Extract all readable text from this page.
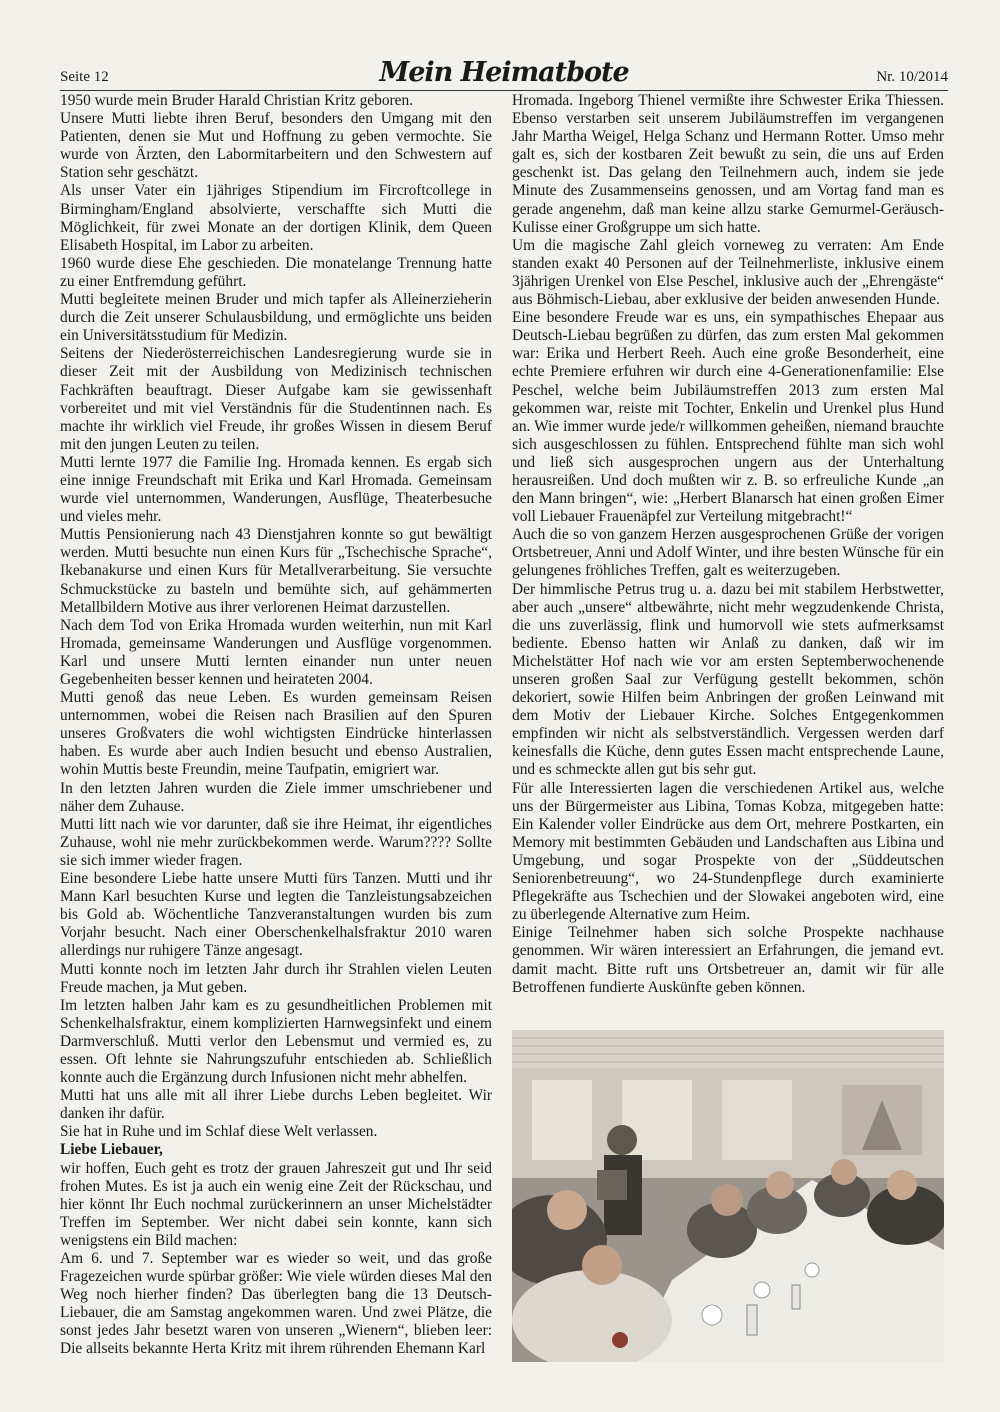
Seite 12	Mein Heimatbote	Nr. 10/2014

1950 wurde mein Bruder Harald Christian Kritz geboren.

Unsere Mutti liebte ihren Beruf, besonders den Umgang mit den Patienten, denen sie Mut und Hoffnung zu geben vermochte. Sie wurde von Ärzten, den Labormitarbeitern und den Schwestern auf Station sehr geschätzt.

Als unser Vater ein 1jähriges Stipendium im Fircroftcollege in Birmingham/England absolvierte, verschaffte sich Mutti die Möglichkeit, für zwei Monate an der dortigen Klinik, dem Queen Elisabeth Hospital, im Labor zu arbeiten.

1960 wurde diese Ehe geschieden. Die monatelange Trennung hatte zu einer Entfremdung geführt.

Mutti begleitete meinen Bruder und mich tapfer als Alleinerzieherin durch die Zeit unserer Schulausbildung, und ermöglichte uns beiden ein Universitätsstudium für Medizin.

Seitens der Niederösterreichischen Landesregierung wurde sie in dieser Zeit mit der Ausbildung von Medizinisch technischen Fachkräften beauftragt. Dieser Aufgabe kam sie gewissenhaft vorbereitet und mit viel Verständnis für die Studentinnen nach. Es machte ihr wirklich viel Freude, ihr großes Wissen in diesem Beruf mit den jungen Leuten zu teilen.

Mutti lernte 1977 die Familie Ing. Hromada kennen. Es ergab sich eine innige Freundschaft mit Erika und Karl Hromada. Gemeinsam wurde viel unternommen, Wanderungen, Ausflüge, Theaterbesuche und vieles mehr.

Muttis Pensionierung nach 43 Dienstjahren konnte so gut bewältigt werden. Mutti besuchte nun einen Kurs für „Tschechische Sprache“, Ikebanakurse und einen Kurs für Metallverarbeitung. Sie versuchte Schmuckstücke zu basteln und bemühte sich, auf gehämmerten Metallbildern Motive aus ihrer verlorenen Heimat darzustellen.

Nach dem Tod von Erika Hromada wurden weiterhin, nun mit Karl Hromada, gemeinsame Wanderungen und Ausflüge vorgenommen. Karl und unsere Mutti lernten einander nun unter neuen Gegebenheiten besser kennen und heirateten 2004.

Mutti genoß das neue Leben. Es wurden gemeinsam Reisen unternommen, wobei die Reisen nach Brasilien auf den Spuren unseres Großvaters die wohl wichtigsten Eindrücke hinterlassen haben. Es wurde aber auch Indien besucht und ebenso Australien, wohin Muttis beste Freundin, meine Taufpatin, emigriert war.

In den letzten Jahren wurden die Ziele immer umschriebener und näher dem Zuhause.

Mutti litt nach wie vor darunter, daß sie ihre Heimat, ihr eigentliches Zuhause, wohl nie mehr zurückbekommen werde. Warum???? Sollte sie sich immer wieder fragen.

Eine besondere Liebe hatte unsere Mutti fürs Tanzen. Mutti und ihr Mann Karl besuchten Kurse und legten die Tanzleistungsabzeichen bis Gold ab. Wöchentliche Tanzveranstaltungen wurden bis zum Vorjahr besucht. Nach einer Oberschenkelhalsfraktur 2010 waren allerdings nur ruhigere Tänze angesagt.

Mutti konnte noch im letzten Jahr durch ihr Strahlen vielen Leuten Freude machen, ja Mut geben.

Im letzten halben Jahr kam es zu gesundheitlichen Problemen mit Schenkelhalsfraktur, einem komplizierten Harnwegsinfekt und einem Darmverschluß. Mutti verlor den Lebensmut und vermied es, zu essen. Oft lehnte sie Nahrungszufuhr entschieden ab. Schließlich konnte auch die Ergänzung durch Infusionen nicht mehr abhelfen.

Mutti hat uns alle mit all ihrer Liebe durchs Leben begleitet. Wir danken ihr dafür.

Sie hat in Ruhe und im Schlaf diese Welt verlassen.

Liebe Liebauer,

wir hoffen, Euch geht es trotz der grauen Jahreszeit gut und Ihr seid frohen Mutes. Es ist ja auch ein wenig eine Zeit der Rückschau, und hier könnt Ihr Euch nochmal zurückerinnern an unser Michelstädter Treffen im September. Wer nicht dabei sein konnte, kann sich wenigstens ein Bild machen:

Am 6. und 7. September war es wieder so weit, und das große Fragezeichen wurde spürbar größer: Wie viele würden dieses Mal den Weg noch hierher finden? Das überlegten bang die 13 Deutsch-Liebauer, die am Samstag angekommen waren. Und zwei Plätze, die sonst jedes Jahr besetzt waren von unseren „Wienern“, blieben leer: Die allseits bekannte Herta Kritz mit ihrem rührenden Ehemann Karl

Hromada. Ingeborg Thienel vermißte ihre Schwester Erika Thiessen. Ebenso verstarben seit unserem Jubiläumstreffen im vergangenen Jahr Martha Weigel, Helga Schanz und Hermann Rotter. Umso mehr galt es, sich der kostbaren Zeit bewußt zu sein, die uns auf Erden geschenkt ist. Das gelang den Teilnehmern auch, indem sie jede Minute des Zusammenseins genossen, und am Vortag fand man es gerade angenehm, daß man keine allzu starke Gemurmel-Geräusch-Kulisse einer Großgruppe um sich hatte.

Um die magische Zahl gleich vorneweg zu verraten: Am Ende standen exakt 40 Personen auf der Teilnehmerliste, inklusive einem 3jährigen Urenkel von Else Peschel, inklusive auch der „Ehrengäste“ aus Böhmisch-Liebau, aber exklusive der beiden anwesenden Hunde.

Eine besondere Freude war es uns, ein sympathisches Ehepaar aus Deutsch-Liebau begrüßen zu dürfen, das zum ersten Mal gekommen war: Erika und Herbert Reeh. Auch eine große Besonderheit, eine echte Premiere erfuhren wir durch eine 4-Generationenfamilie: Else Peschel, welche beim Jubiläumstreffen 2013 zum ersten Mal gekommen war, reiste mit Tochter, Enkelin und Urenkel plus Hund an. Wie immer wurde jede/r willkommen geheißen, niemand brauchte sich ausgeschlossen zu fühlen. Entsprechend fühlte man sich wohl und ließ sich ausgesprochen ungern aus der Unterhaltung herausreißen. Und doch mußten wir z. B. so erfreuliche Kunde „an den Mann bringen“, wie: „Herbert Blanarsch hat einen großen Eimer voll Liebauer Frauenäpfel zur Verteilung mitgebracht!“

Auch die so von ganzem Herzen ausgesprochenen Grüße der vorigen Ortsbetreuer, Anni und Adolf Winter, und ihre besten Wünsche für ein gelungenes fröhliches Treffen, galt es weiterzugeben.

Der himmlische Petrus trug u. a. dazu bei mit stabilem Herbstwetter, aber auch „unsere“ altbewährte, nicht mehr wegzudenkende Christa, die uns zuverlässig, flink und humorvoll wie stets aufmerksamst bediente. Ebenso hatten wir Anlaß zu danken, daß wir im Michelstätter Hof nach wie vor am ersten Septemberwochenende unseren großen Saal zur Verfügung gestellt bekommen, schön dekoriert, sowie Hilfen beim Anbringen der großen Leinwand mit dem Motiv der Liebauer Kirche. Solches Entgegenkommen empfinden wir nicht als selbstverständlich. Vergessen werden darf keinesfalls die Küche, denn gutes Essen macht entsprechende Laune, und es schmeckte allen gut bis sehr gut.

Für alle Interessierten lagen die verschiedenen Artikel aus, welche uns der Bürgermeister aus Libina, Tomas Kobza, mitgegeben hatte: Ein Kalender voller Eindrücke aus dem Ort, mehrere Postkarten, ein Memory mit bestimmten Gebäuden und Landschaften aus Libina und Umgebung, und sogar Prospekte von der „Süddeutschen Seniorenbetreuung“, wo 24-Stundenpflege durch examinierte Pflegekräfte aus Tschechien und der Slowakei angeboten wird, eine zu überlegende Alternative zum Heim.

Einige Teilnehmer haben sich solche Prospekte nachhause genommen. Wir wären interessiert an Erfahrungen, die jemand evt. damit macht. Bitte ruft uns Ortsbetreuer an, damit wir für alle Betroffenen fundierte Auskünfte geben können.
